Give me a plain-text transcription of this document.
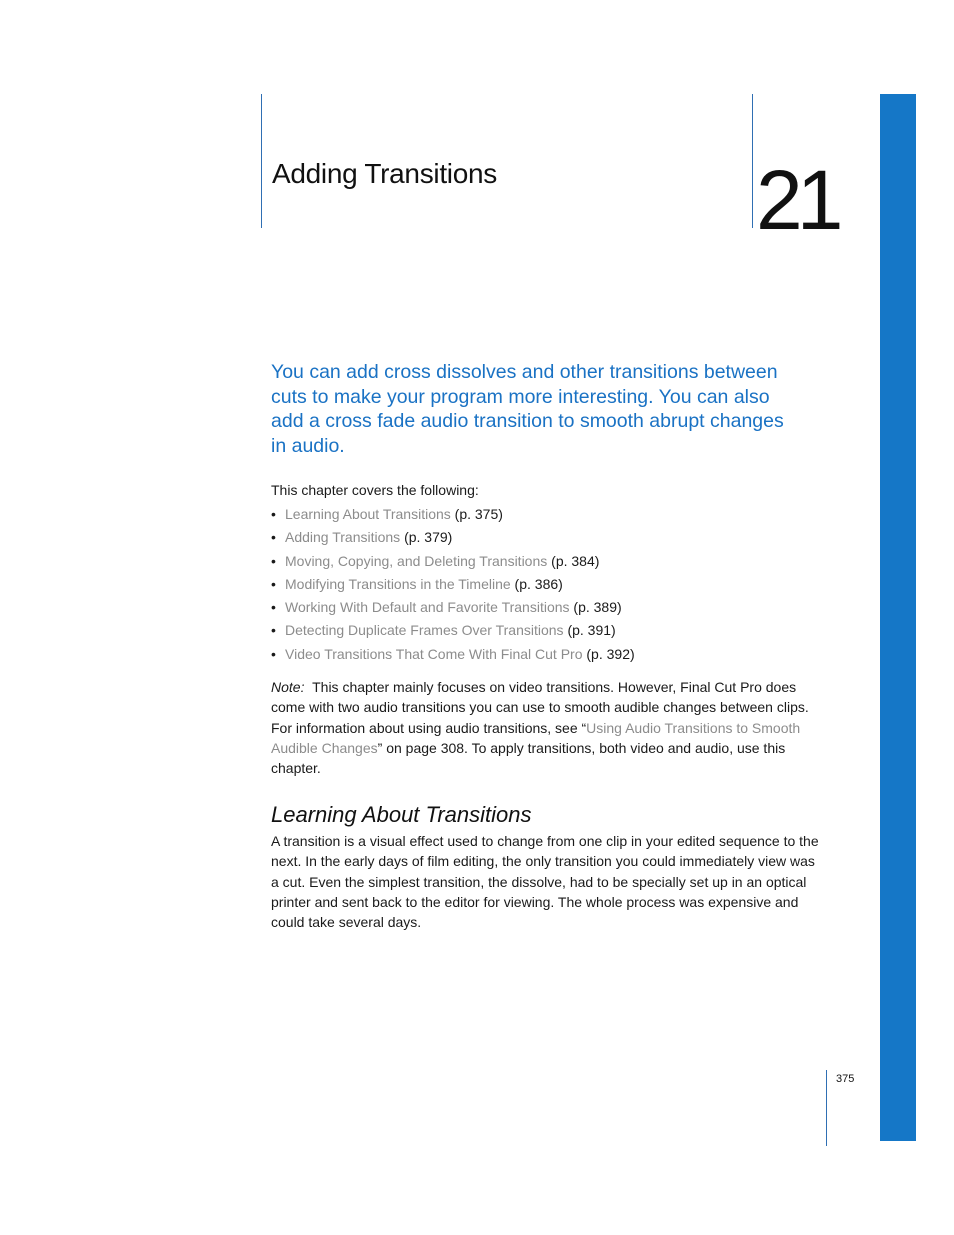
Adding Transitions	21
You can add cross dissolves and other transitions between cuts to make your program more interesting. You can also add a cross fade audio transition to smooth abrupt changes in audio.
This chapter covers the following:
• Learning About Transitions (p. 375)
• Adding Transitions (p. 379)
• Moving, Copying, and Deleting Transitions (p. 384)
• Modifying Transitions in the Timeline (p. 386)
• Working With Default and Favorite Transitions (p. 389)
• Detecting Duplicate Frames Over Transitions (p. 391)
• Video Transitions That Come With Final Cut Pro (p. 392)
Note: This chapter mainly focuses on video transitions. However, Final Cut Pro does come with two audio transitions you can use to smooth audible changes between clips. For information about using audio transitions, see “Using Audio Transitions to Smooth Audible Changes” on page 308. To apply transitions, both video and audio, use this chapter.
Learning About Transitions
A transition is a visual effect used to change from one clip in your edited sequence to the next. In the early days of film editing, the only transition you could immediately view was a cut. Even the simplest transition, the dissolve, had to be specially set up in an optical printer and sent back to the editor for viewing. The whole process was expensive and could take several days.
375
